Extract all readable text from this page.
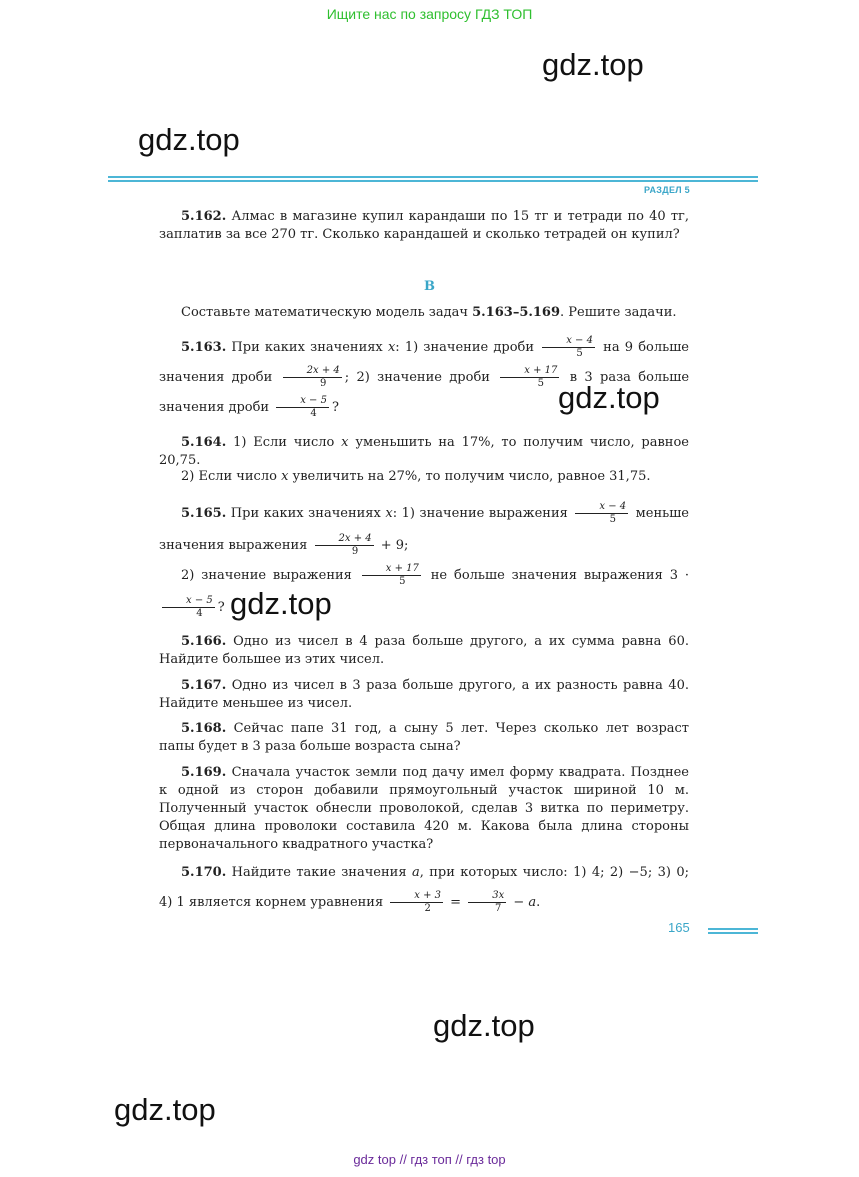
Ищите нас по запросу ГДЗ ТОП
gdz.top
gdz.top
РАЗДЕЛ 5
5.162. Алмас в магазине купил карандаши по 15 тг и тетради по 40 тг, заплатив за все 270 тг. Сколько карандашей и сколько тетрадей он купил?
B
Составьте математическую модель задач 5.163–5.169. Решите задачи.
5.163. При каких значениях x: 1) значение дроби $\frac{x - 4}{5}$ на 9 больше значения дроби $\frac{2x + 4}{9}$ ; 2) значение дроби $\frac{x + 17}{5}$ в 3 раза больше значения дроби $\frac{x - 5}{4}$ ?	gdz.top
5.164. 1) Если число x уменьшить на 17%, то получим число, равное 20,75.
2) Если число x увеличить на 27%, то получим число, равное 31,75.
5.165. При каких значениях x: 1) значение выражения $\frac{x - 4}{5}$ меньше значения выражения $\frac{2x + 4}{9} + 9$;
2) значение выражения $\frac{x + 17}{5}$ не больше значения выражения 3 ·
$\frac{x - 5}{4}$ ? gdz.top
5.166. Одно из чисел в 4 раза больше другого, а их сумма равна 60. Найдите большее из этих чисел.
5.167. Одно из чисел в 3 раза больше другого, а их разность равна 40. Найдите меньшее из чисел.
5.168. Сейчас папе 31 год, а сыну 5 лет. Через сколько лет возраст папы будет в 3 раза больше возраста сына?
5.169. Сначала участок земли под дачу имел форму квадрата. Позднее к одной из сторон добавили прямоугольный участок шириной 10 м. Полученный участок обнесли проволокой, сделав 3 витка по периметру. Общая длина проволоки составила 420 м. Какова была длина стороны первоначального квадратного участка?
5.170. Найдите такие значения a, при которых число: 1) 4; 2) −5; 3) 0; 4) 1 является корнем уравнения $\frac{x + 3}{2} = \frac{3x}{7} - a$.
165
gdz.top
gdz.top
gdz top // гдз топ // гдз top
